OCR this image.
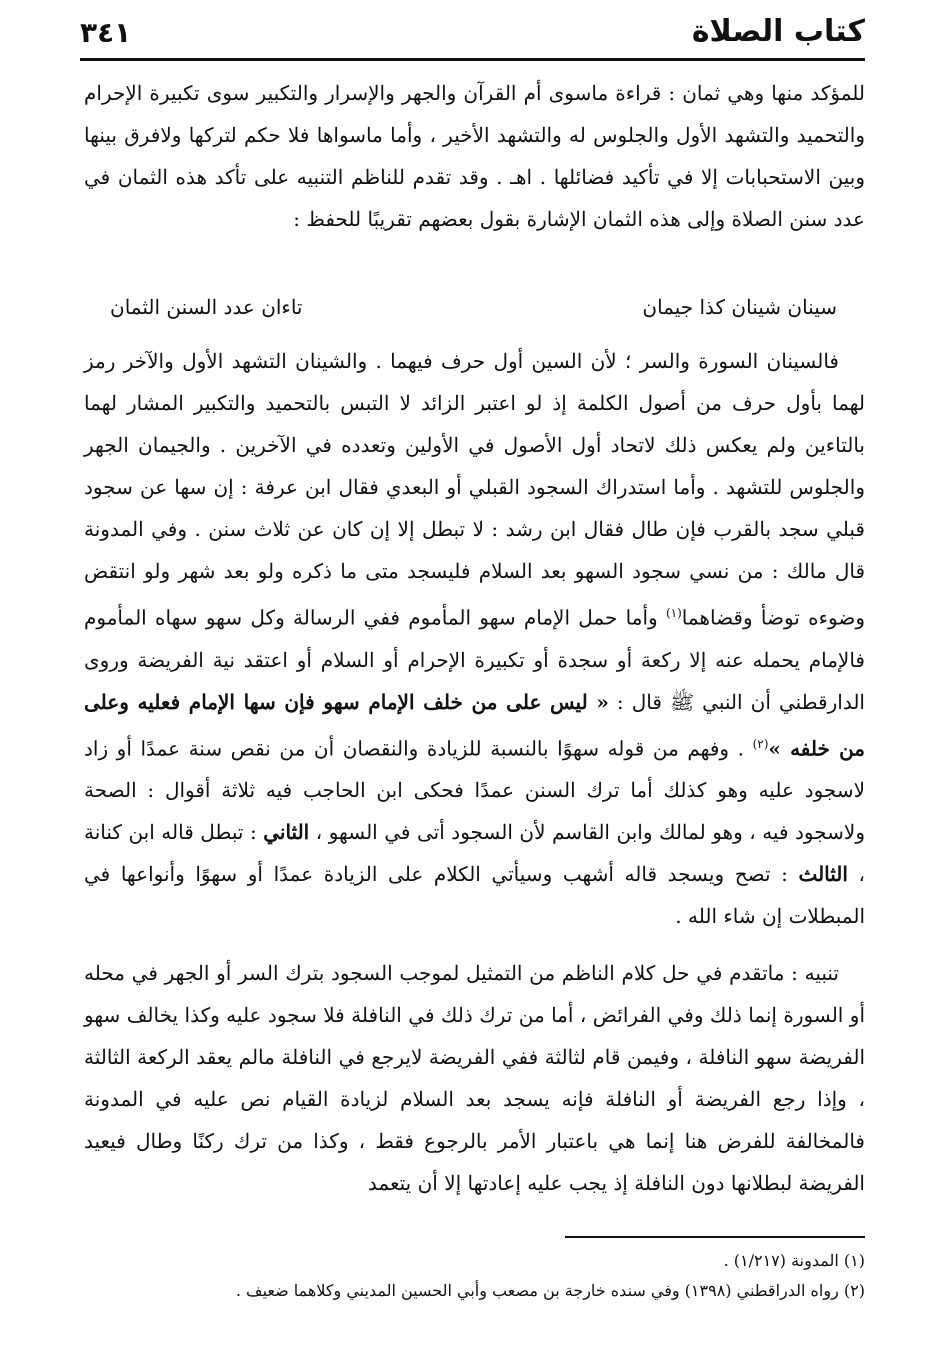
كتاب الصلاة
٣٤١
للمؤكد منها وهي ثمان : قراءة ماسوى أم القرآن والجهر والإسرار والتكبير سوى تكبيرة الإحرام والتحميد والتشهد الأول والجلوس له والتشهد الأخير ، وأما ماسواها فلا حكم لتركها ولافرق بينها وبين الاستحبابات إلا في تأكيد فضائلها . اهـ . وقد تقدم للناظم التنبيه على تأكد هذه الثمان في عدد سنن الصلاة وإلى هذه الثمان الإشارة بقول بعضهم تقريبًا للحفظ :
سينان شينان كذا جيمان
تاءان عدد السنن الثمان
فالسينان السورة والسر ؛ لأن السين أول حرف فيهما . والشينان التشهد الأول والآخر رمز لهما بأول حرف من أصول الكلمة إذ لو اعتبر الزائد لا التبس بالتحميد والتكبير المشار لهما بالتاءين ولم يعكس ذلك لاتحاد أول الأصول في الأولين وتعدده في الآخرين . والجيمان الجهر والجلوس للتشهد . وأما استدراك السجود القبلي أو البعدي فقال ابن عرفة : إن سها عن سجود قبلي سجد بالقرب فإن طال فقال ابن رشد : لا تبطل إلا إن كان عن ثلاث سنن . وفي المدونة قال مالك : من نسي سجود السهو بعد السلام فليسجد متى ما ذكره ولو بعد شهر ولو انتقض وضوءه توضأ وقضاهما$^{(١)}$ وأما حمل الإمام سهو المأموم ففي الرسالة وكل سهو سهاه المأموم فالإمام يحمله عنه إلا ركعة أو سجدة أو تكبيرة الإحرام أو السلام أو اعتقد نية الفريضة وروى الدارقطني أن النبي ﷺ قال : « ليس على من خلف الإمام سهو فإن سها الإمام فعليه وعلى من خلفه »$^{(٢)}$ . وفهم من قوله سهوًا بالنسبة للزيادة والنقصان أن من نقص سنة عمدًا أو زاد لاسجود عليه وهو كذلك أما ترك السنن عمدًا فحكى ابن الحاجب فيه ثلاثة أقوال : الصحة ولاسجود فيه ، وهو لمالك وابن القاسم لأن السجود أتى في السهو ، الثاني : تبطل قاله ابن كنانة ، الثالث : تصح ويسجد قاله أشهب وسيأتي الكلام على الزيادة عمدًا أو سهوًا وأنواعها في المبطلات إن شاء الله .
تنبيه : ماتقدم في حل كلام الناظم من التمثيل لموجب السجود بترك السر أو الجهر في محله أو السورة إنما ذلك وفي الفرائض ، أما من ترك ذلك في النافلة فلا سجود عليه وكذا يخالف سهو الفريضة سهو النافلة ، وفيمن قام لثالثة ففي الفريضة لايرجع في النافلة مالم يعقد الركعة الثالثة ، وإذا رجع الفريضة أو النافلة فإنه يسجد بعد السلام لزيادة القيام نص عليه في المدونة فالمخالفة للفرض هنا إنما هي باعتبار الأمر بالرجوع فقط ، وكذا من ترك ركنًا وطال فيعيد الفريضة لبطلانها دون النافلة إذ يجب عليه إعادتها إلا أن يتعمد
(١) المدونة (١/٢١٧) .
(٢) رواه الدراقطني (١٣٩٨) وفي سنده خارجة بن مصعب وأبي الحسين المديني وكلاهما ضعيف .
